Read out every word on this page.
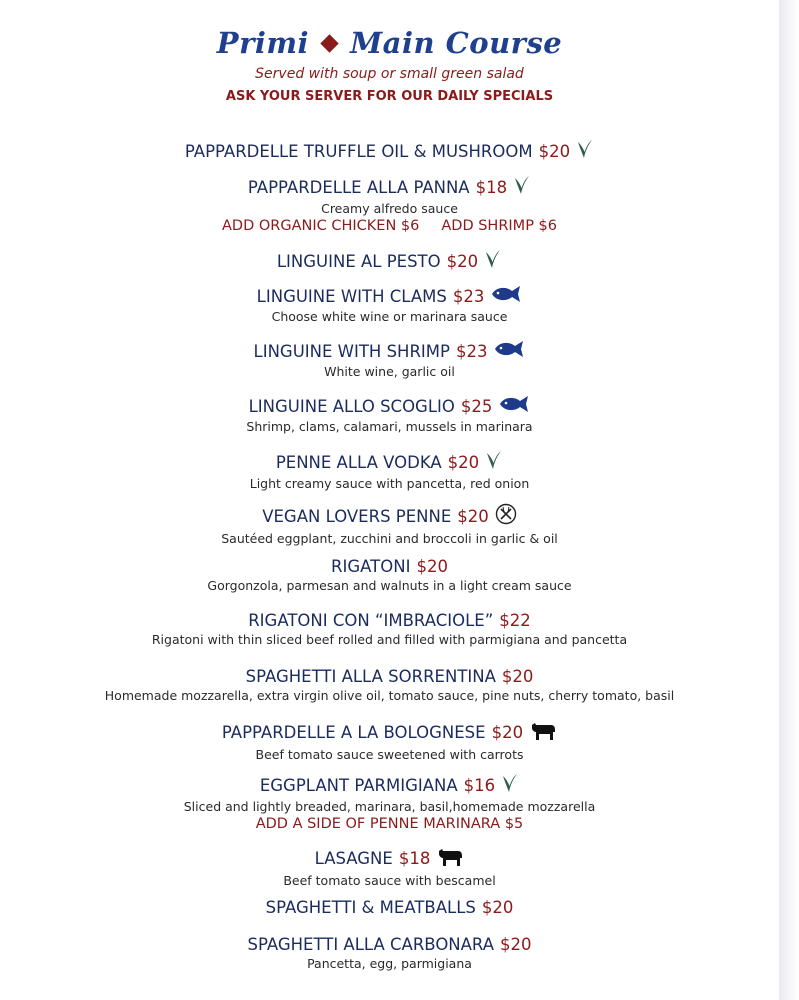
Primi Main Course
Served with soup or small green salad
ASK YOUR SERVER FOR OUR DAILY SPECIALS
PAPPARDELLE TRUFFLE OIL & MUSHROOM $20
PAPPARDELLE ALLA PANNA $18
Creamy alfredo sauce
ADD ORGANIC CHICKEN $6 ADD SHRIMP $6
LINGUINE AL PESTO $20
LINGUINE WITH CLAMS $23
Choose white wine or marinara sauce
LINGUINE WITH SHRIMP $23
White wine, garlic oil
LINGUINE ALLO SCOGLIO $25
Shrimp, clams, calamari, mussels in marinara
PENNE ALLA VODKA $20
Light creamy sauce with pancetta, red onion
VEGAN LOVERS PENNE $20
Sautéed eggplant, zucchini and broccoli in garlic & oil
RIGATONI $20
Gorgonzola, parmesan and walnuts in a light cream sauce
RIGATONI CON “IMBRACIOLE” $22
Rigatoni with thin sliced beef rolled and filled with parmigiana and pancetta
SPAGHETTI ALLA SORRENTINA $20
Homemade mozzarella, extra virgin olive oil, tomato sauce, pine nuts, cherry tomato, basil
PAPPARDELLE A LA BOLOGNESE $20
Beef tomato sauce sweetened with carrots
EGGPLANT PARMIGIANA $16
Sliced and lightly breaded, marinara, basil,homemade mozzarella
ADD A SIDE OF PENNE MARINARA $5
LASAGNE $18
Beef tomato sauce with bescamel
SPAGHETTI & MEATBALLS $20
SPAGHETTI ALLA CARBONARA $20
Pancetta, egg, parmigiana
